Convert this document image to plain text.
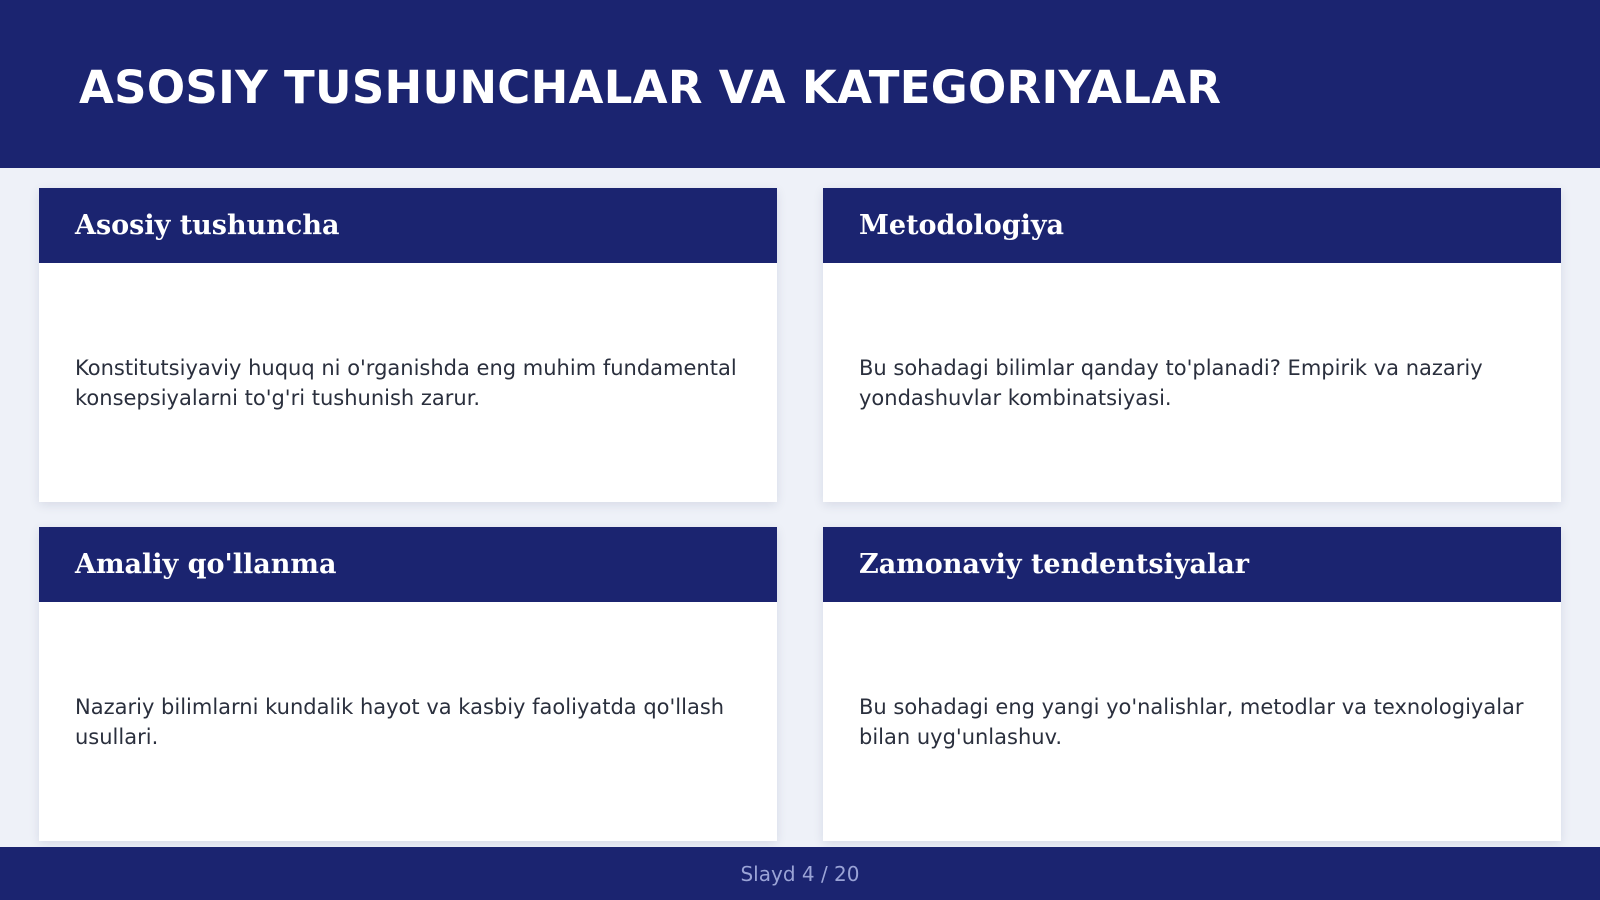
ASOSIY TUSHUNCHALAR VA KATEGORIYALAR
Asosiy tushuncha

Konstitutsiyaviy huquq ni o'rganishda eng muhim fundamental konsepsiyalarni to'g'ri tushunish zarur.

Metodologiya

Bu sohadagi bilimlar qanday to'planadi? Empirik va nazariy yondashuvlar kombinatsiyasi.

Amaliy qo'llanma

Nazariy bilimlarni kundalik hayot va kasbiy faoliyatda qo'llash usullari.

Zamonaviy tendentsiyalar

Bu sohadagi eng yangi yo'nalishlar, metodlar va texnologiyalar bilan uyg'unlashuv.

Slayd 4 / 20
